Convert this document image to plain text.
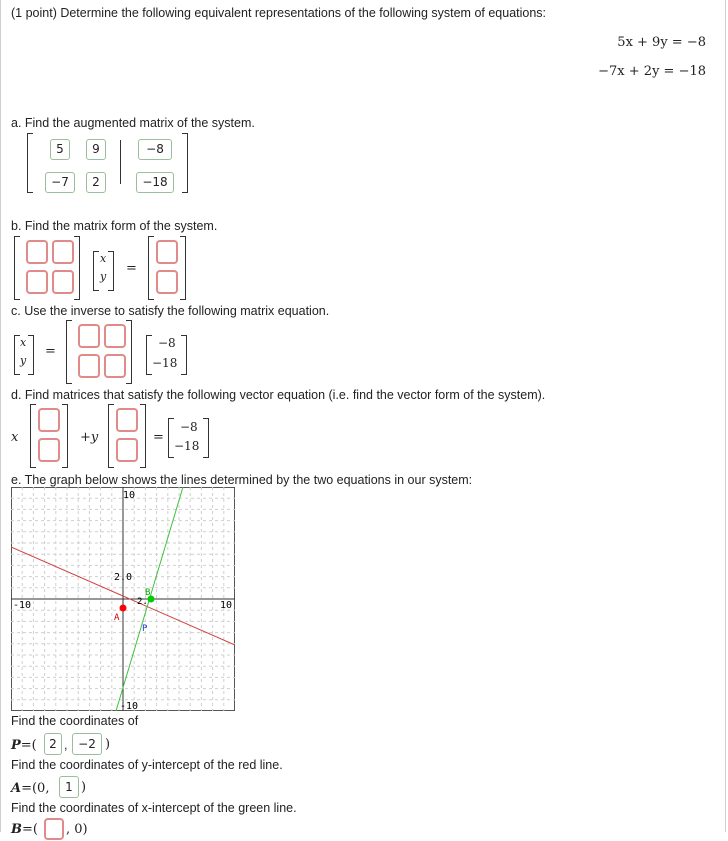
(1 point) Determine the following equivalent representations of the following system of equations:
5x + 9y = −8
−7x + 2y = −18
a. Find the augmented matrix of the system.
5	9	−8
−7	2	−18
b. Find the matrix form of the system.
x
y
=
c. Use the inverse to satisfy the following matrix equation.
x
y
=
−8
−18
d. Find matrices that satisfy the following vector equation (i.e. find the vector form of the system).
x	+y	=
−8
−18
e. The graph below shows the lines determined by the two equations in our system:
10
-10
-10	10
2.0
2.
A
B
P
Find the coordinates of
P=(	2 , −2 )
Find the coordinates of y-intercept of the red line.
A=(0,	1 )
Find the coordinates of x-intercept of the green line.
B=( , 0)
